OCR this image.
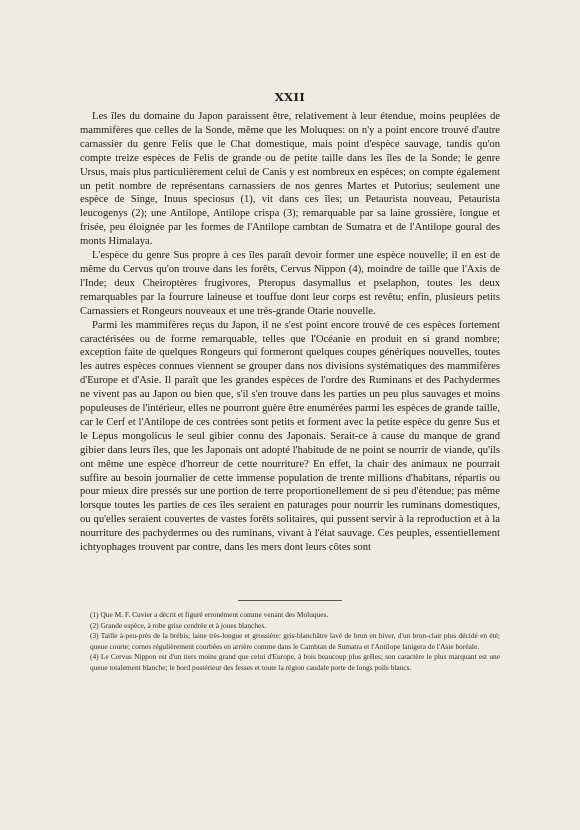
XXII

Les îles du domaine du Japon paraissent être, relativement à leur étendue, moins peuplées de mammifères que celles de la Sonde, même que les Moluques: on n'y a point encore trouvé d'autre carnassier du genre Felis que le Chat domestique, mais point d'espèce sauvage, tandis qu'on compte treize espèces de Felis de grande ou de petite taille dans les îles de la Sonde; le genre Ursus, mais plus particulièrement celui de Canis y est nombreux en espèces; on compte également un petit nombre de représentans carnassiers de nos genres Martes et Putorius; seulement une espèce de Singe, Inuus speciosus (1), vit dans ces îles; un Petaurista nouveau, Petaurista leucogenys (2); une Antilope, Antilope crispa (3); remarquable par sa laine grossière, longue et frisée, peu éloignée par les formes de l'Antilope cambtan de Sumatra et de l'Antilope goural des monts Himalaya.

L'espèce du genre Sus propre à ces îles paraît devoir former une espèce nouvelle; il en est de même du Cervus qu'on trouve dans les forêts, Cervus Nippon (4), moindre de taille que l'Axis de l'Inde; deux Cheiroptères frugivores, Pteropus dasymallus et pselaphon, toutes les deux remarquables par la fourrure laineuse et touffue dont leur corps est revêtu; enfin, plusieurs petits Carnassiers et Rongeurs nouveaux et une très-grande Otarie nouvelle.

Parmi les mammifères reçus du Japon, il ne s'est point encore trouvé de ces espèces fortement caractérisées ou de forme remarquable, telles que l'Océanie en produit en si grand nombre; exception faite de quelques Rongeurs qui formeront quelques coupes génériques nouvelles, toutes les autres espèces connues viennent se grouper dans nos divisions systématiques des mammifères d'Europe et d'Asie. Il paraît que les grandes espèces de l'ordre des Ruminans et des Pachydermes ne vivent pas au Japon ou bien que, s'il s'en trouve dans les parties un peu plus sauvages et moins populeuses de l'intérieur, elles ne pourront guère être enumérées parmi les espèces de grande taille, car le Cerf et l'Antilope de ces contrées sont petits et forment avec la petite espèce du genre Sus et le Lepus mongolicus le seul gibier connu des Japonais. Serait-ce à cause du manque de grand gibier dans leurs îles, que les Japonais ont adopté l'habitude de ne point se nourrir de viande, qu'ils ont même une espèce d'horreur de cette nourriture? En effet, la chair des animaux ne pourrait suffire au besoin journalier de cette immense population de trente millions d'habitans, répartis ou pour mieux dire pressés sur une portion de terre proportionellement de si peu d'étendue; pas même lorsque toutes les parties de ces îles seraient en paturages pour nourrir les ruminans domestiques, ou qu'elles seraient couvertes de vastes forêts solitaires, qui pussent servir à la reproduction et à la nourriture des pachydermes ou des ruminans, vivant à l'état sauvage. Ces peuples, essentiellement ichtyophages trouvent par contre, dans les mers dont leurs côtes sont

(1) Que M. F. Cuvier a décrit et figuré erronément comme venant des Moluques.

(2) Grande espèce, à robe grise cendrée et à joues blanches.

(3) Taille à-peu-près de la brébis; laine très-longue et grossière: gris-blanchâtre lavé de brun en hiver, d'un brun-clair plus décidé en été; queue courte; cornes régulièrement courbées en arrière comme dans le Cambtan de Sumatra et l'Antilope lanigera de l'Asie boréale.

(4) Le Cervus Nippon est d'un tiers moins grand que celui d'Europe, à bois beaucoup plus grêles; son caractère le plus marquant est une queue totalement blanche; le bord postérieur des fesses et toute la région caudale porte de longs poils blancs.
